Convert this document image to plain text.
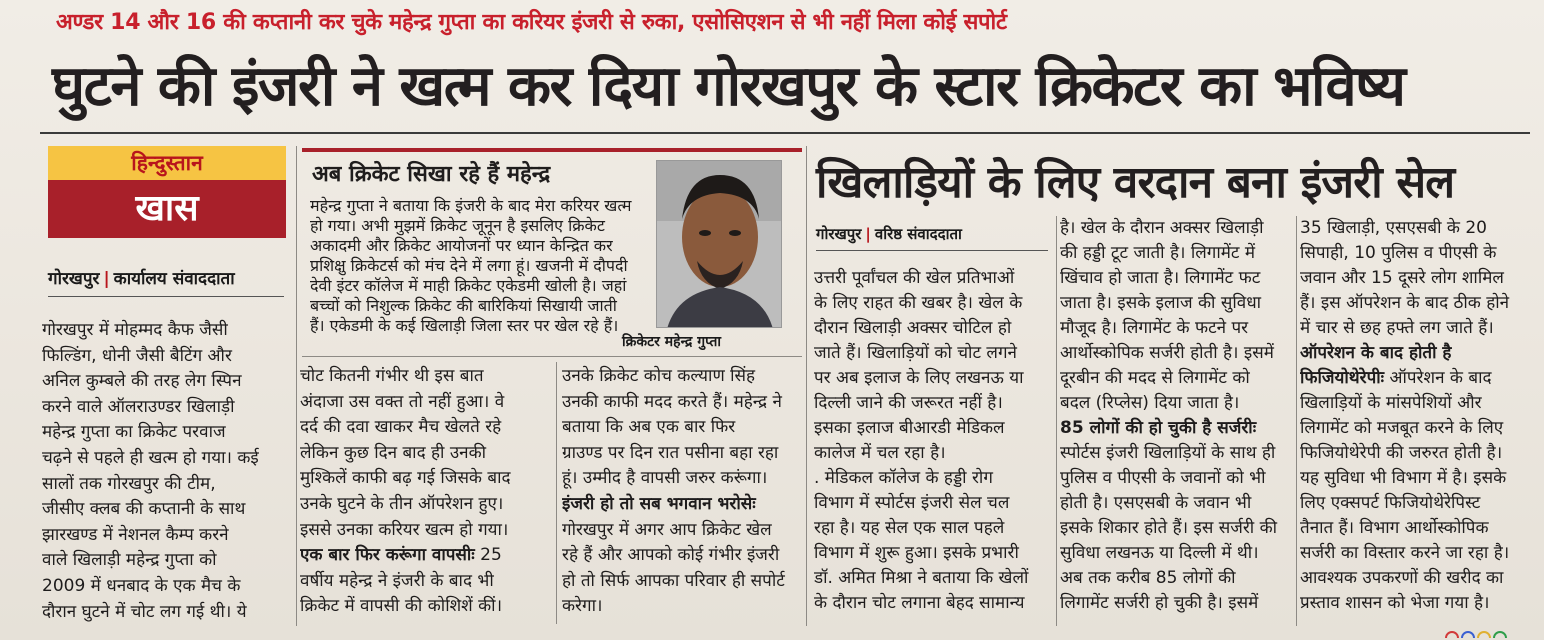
अण्डर 14 और 16 की कप्तानी कर चुके महेन्द्र गुप्ता का करियर इंजरी से रुका, एसोसिएशन से भी नहीं मिला कोई सपोर्ट
घुटने की इंजरी ने खत्म कर दिया गोरखपुर के स्टार क्रिकेटर का भविष्य
हिन्दुस्तान
खास
गोरखपुर | कार्यालय संवाददाता
गोरखपुर में मोहम्मद कैफ जैसी
फिल्डिंग, धोनी जैसी बैटिंग और
अनिल कुम्बले की तरह लेग स्पिन
करने वाले ऑलराउण्डर खिलाड़ी
महेन्द्र गुप्ता का क्रिकेट परवाज
चढ़ने से पहले ही खत्म हो गया। कई
सालों तक गोरखपुर की टीम,
जीसीए क्लब की कप्तानी के साथ
झारखण्ड में नेशनल कैम्प करने
वाले खिलाड़ी महेन्द्र गुप्ता को
2009 में धनबाद के एक मैच के
दौरान घुटने में चोट लग गई थी। ये
अब क्रिकेट सिखा रहे हैं महेन्द्र
महेन्द्र गुप्ता ने बताया कि इंजरी के बाद मेरा करियर खत्म
हो गया। अभी मुझमें क्रिकेट जूनून है इसलिए क्रिकेट
अकादमी और क्रिकेट आयोजनों पर ध्यान केन्द्रित कर
प्रशिक्षु क्रिकेटर्स को मंच देने में लगा हूं। खजनी में दौपदी
देवी इंटर कॉलेज में माही क्रिकेट एकेडमी खोली है। जहां
बच्चों को निशुल्क क्रिकेट की बारिकियां सिखायी जाती
हैं। एकेडमी के कई खिलाड़ी जिला स्तर पर खेल रहे हैं।
क्रिकेटर महेन्द्र गुप्ता
चोट कितनी गंभीर थी इस बात
अंदाजा उस वक्त तो नहीं हुआ। वे
दर्द की दवा खाकर मैच खेलते रहे
लेकिन कुछ दिन बाद ही उनकी
मुश्किलें काफी बढ़ गई जिसके बाद
उनके घुटने के तीन ऑपरेशन हुए।
इससे उनका करियर खत्म हो गया।
एक बार फिर करूंगा वापसीः 25
वर्षीय महेन्द्र ने इंजरी के बाद भी
क्रिकेट में वापसी की कोशिशें कीं।
उनके क्रिकेट कोच कल्याण सिंह
उनकी काफी मदद करते हैं। महेन्द्र ने
बताया कि अब एक बार फिर
ग्राउण्ड पर दिन रात पसीना बहा रहा
हूं। उम्मीद है वापसी जरुर करूंगा।
इंजरी हो तो सब भगवान भरोसेः
गोरखपुर में अगर आप क्रिकेट खेल
रहे हैं और आपको कोई गंभीर इंजरी
हो तो सिर्फ आपका परिवार ही सपोर्ट
करेगा।
खिलाड़ियों के लिए वरदान बना इंजरी सेल
गोरखपुर | वरिष्ठ संवाददाता
उत्तरी पूर्वांचल की खेल प्रतिभाओं
के लिए राहत की खबर है। खेल के
दौरान खिलाड़ी अक्सर चोटिल हो
जाते हैं। खिलाड़ियों को चोट लगने
पर अब इलाज के लिए लखनऊ या
दिल्ली जाने की जरूरत नहीं है।
इसका इलाज बीआरडी मेडिकल
कालेज में चल रहा है।
. मेडिकल कॉलेज के हड्डी रोग
विभाग में स्पोर्टस इंजरी सेल चल
रहा है। यह सेल एक साल पहले
विभाग में शुरू हुआ। इसके प्रभारी
डॉ. अमित मिश्रा ने बताया कि खेलों
के दौरान चोट लगाना बेहद सामान्य
है। खेल के दौरान अक्सर खिलाड़ी
की हड्डी टूट जाती है। लिगामेंट में
खिंचाव हो जाता है। लिगामेंट फट
जाता है। इसके इलाज की सुविधा
मौजूद है। लिगामेंट के फटने पर
आर्थोस्कोपिक सर्जरी होती है। इसमें
दूरबीन की मदद से लिगामेंट को
बदल (रिप्लेस) दिया जाता है।
85 लोगों की हो चुकी है सर्जरीः
स्पोर्टस इंजरी खिलाड़ियों के साथ ही
पुलिस व पीएसी के जवानों को भी
होती है। एसएसबी के जवान भी
इसके शिकार होते हैं। इस सर्जरी की
सुविधा लखनऊ या दिल्ली में थी।
अब तक करीब 85 लोगों की
लिगामेंट सर्जरी हो चुकी है। इसमें
35 खिलाड़ी, एसएसबी के 20
सिपाही, 10 पुलिस व पीएसी के
जवान और 15 दूसरे लोग शामिल
हैं। इस ऑपरेशन के बाद ठीक होने
में चार से छह हफ्ते लग जाते हैं।
ऑपरेशन के बाद होती है
फिजियोथेरेपीः ऑपरेशन के बाद
खिलाड़ियों के मांसपेशियों और
लिगामेंट को मजबूत करने के लिए
फिजियोथेरेपी की जरुरत होती है।
यह सुविधा भी विभाग में है। इसके
लिए एक्सपर्ट फिजियोथेरेपिस्ट
तैनात हैं। विभाग आर्थोस्कोपिक
सर्जरी का विस्तार करने जा रहा है।
आवश्यक उपकरणों की खरीद का
प्रस्ताव शासन को भेजा गया है।
